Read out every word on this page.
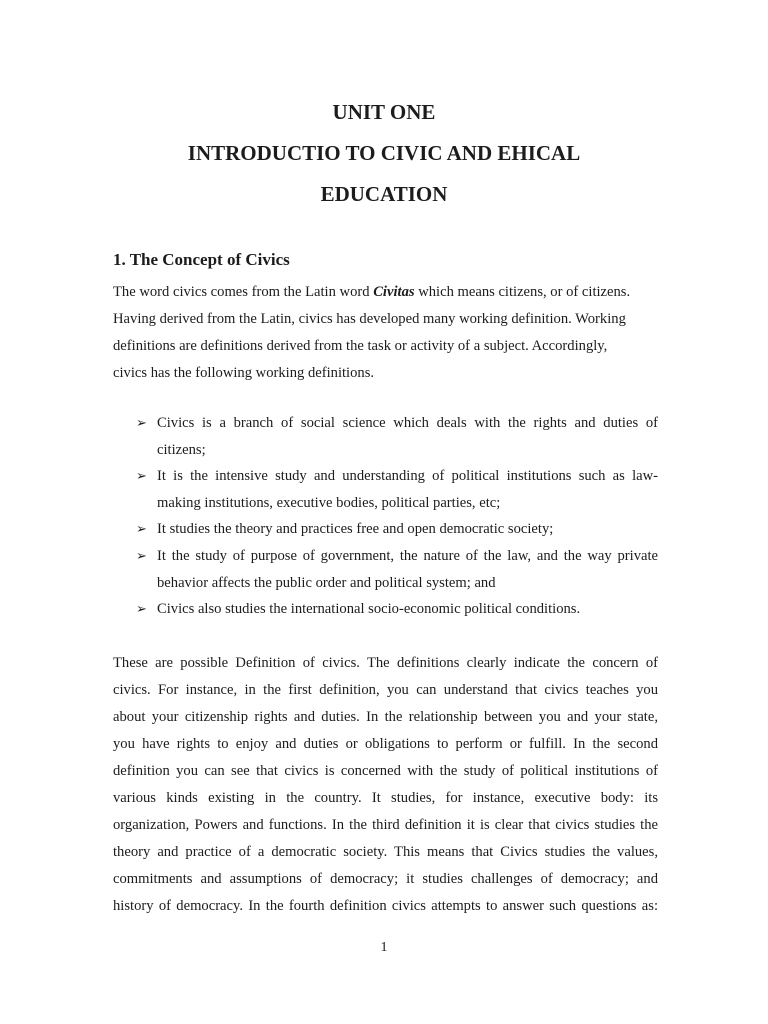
UNIT ONE
INTRODUCTIO TO CIVIC AND EHICAL
EDUCATION
1. The Concept of Civics
The word civics comes from the Latin word Civitas which means citizens, or of citizens.
Having derived from the Latin, civics has developed many working definition. Working
definitions are definitions derived from the task or activity of a subject. Accordingly,
civics has the following working definitions.
➢ Civics is a branch of social science which deals with the rights and duties of
citizens;
➢ It is the intensive study and understanding of political institutions such as law-
making institutions, executive bodies, political parties, etc;
➢ It studies the theory and practices free and open democratic society;
➢ It the study of purpose of government, the nature of the law, and the way private
behavior affects the public order and political system; and
➢ Civics also studies the international socio-economic political conditions.
These are possible Definition of civics. The definitions clearly indicate the concern of
civics. For instance, in the first definition, you can understand that civics teaches you
about your citizenship rights and duties. In the relationship between you and your state,
you have rights to enjoy and duties or obligations to perform or fulfill. In the second
definition you can see that civics is concerned with the study of political institutions of
various kinds existing in the country. It studies, for instance, executive body: its
organization, Powers and functions. In the third definition it is clear that civics studies the
theory and practice of a democratic society. This means that Civics studies the values,
commitments and assumptions of democracy; it studies challenges of democracy; and
history of democracy. In the fourth definition civics attempts to answer such questions as:
1
